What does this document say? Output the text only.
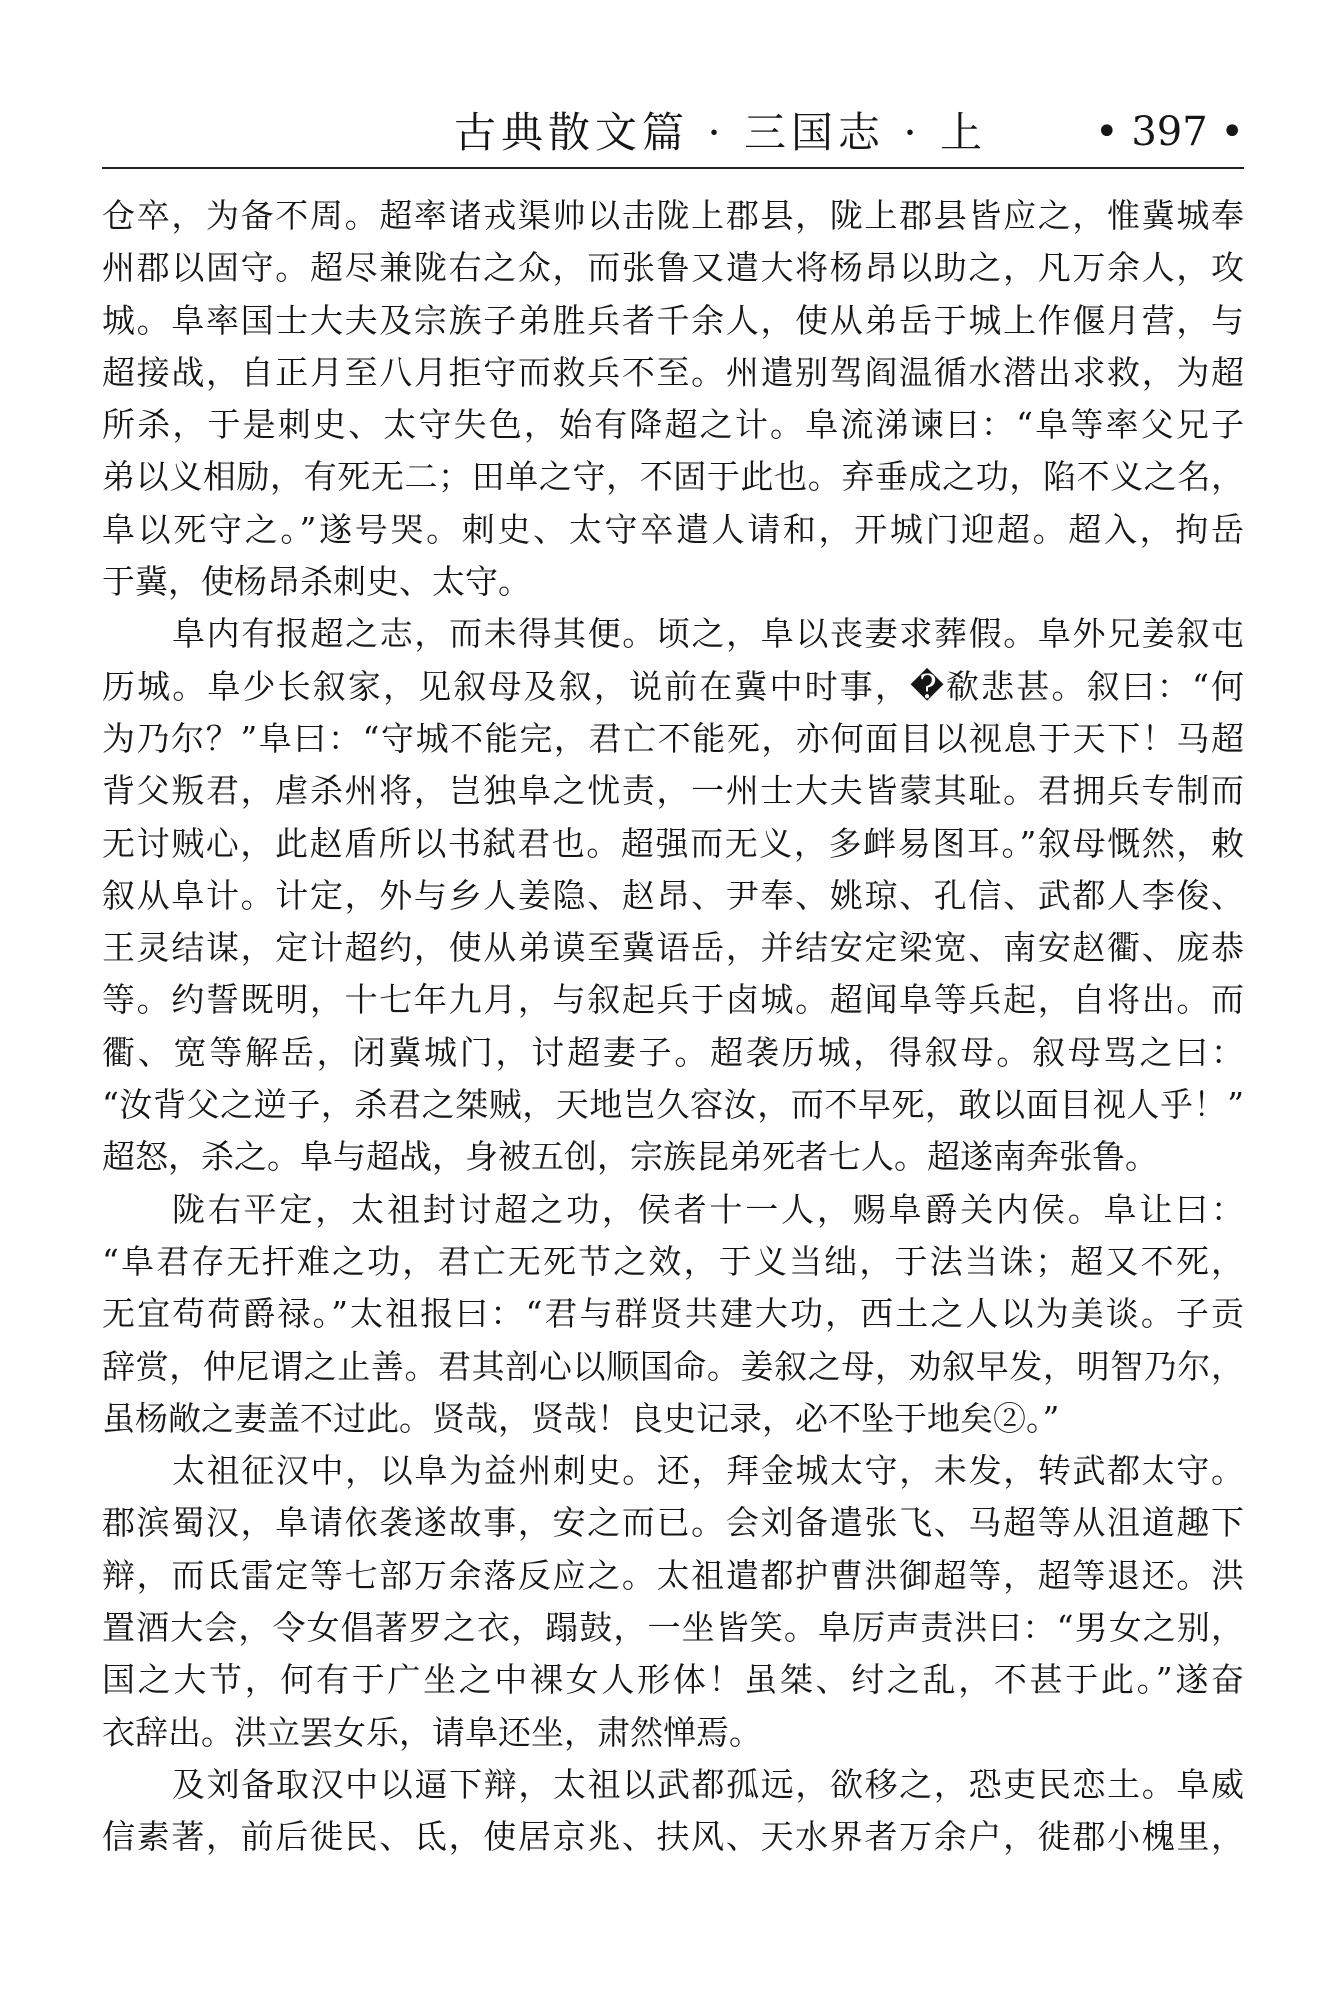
古典散文篇 · 三国志 · 上	• 397 •
仓卒，为备不周。超率诸戎渠帅以击陇上郡县，陇上郡县皆应之，惟冀城奉
州郡以固守。超尽兼陇右之众，而张鲁又遣大将杨昂以助之，凡万余人，攻
城。阜率国士大夫及宗族子弟胜兵者千余人，使从弟岳于城上作偃月营，与
超接战，自正月至八月拒守而救兵不至。州遣别驾阎温循水潜出求救，为超
所杀，于是刺史、太守失色，始有降超之计。阜流涕谏曰：“阜等率父兄子
弟以义相励，有死无二；田单之守，不固于此也。弃垂成之功，陷不义之名，
阜以死守之。”遂号哭。刺史、太守卒遣人请和，开城门迎超。超入，拘岳
于冀，使杨昂杀刺史、太守。
阜内有报超之志，而未得其便。顷之，阜以丧妻求葬假。阜外兄姜叙屯
历城。阜少长叙家，见叙母及叙，说前在冀中时事，�欷悲甚。叙曰：“何
为乃尔？”阜曰：“守城不能完，君亡不能死，亦何面目以视息于天下！马超
背父叛君，虐杀州将，岂独阜之忧责，一州士大夫皆蒙其耻。君拥兵专制而
无讨贼心，此赵盾所以书弑君也。超强而无义，多衅易图耳。”叙母慨然，敕
叙从阜计。计定，外与乡人姜隐、赵昂、尹奉、姚琼、孔信、武都人李俊、
王灵结谋，定计超约，使从弟谟至冀语岳，并结安定梁宽、南安赵衢、庞恭
等。约誓既明，十七年九月，与叙起兵于卤城。超闻阜等兵起，自将出。而
衢、宽等解岳，闭冀城门，讨超妻子。超袭历城，得叙母。叙母骂之曰：
“汝背父之逆子，杀君之桀贼，天地岂久容汝，而不早死，敢以面目视人乎！”
超怒，杀之。阜与超战，身被五创，宗族昆弟死者七人。超遂南奔张鲁。
陇右平定，太祖封讨超之功，侯者十一人，赐阜爵关内侯。阜让曰：
“阜君存无扞难之功，君亡无死节之效，于义当绌，于法当诛；超又不死，
无宜苟荷爵禄。”太祖报曰：“君与群贤共建大功，西土之人以为美谈。子贡
辞赏，仲尼谓之止善。君其剖心以顺国命。姜叙之母，劝叙早发，明智乃尔，
虽杨敞之妻盖不过此。贤哉，贤哉！良史记录，必不坠于地矣②。”
太祖征汉中，以阜为益州刺史。还，拜金城太守，未发，转武都太守。
郡滨蜀汉，阜请依袭遂故事，安之而已。会刘备遣张飞、马超等从沮道趣下
辩，而氐雷定等七部万余落反应之。太祖遣都护曹洪御超等，超等退还。洪
置酒大会，令女倡著罗之衣，蹋鼓，一坐皆笑。阜厉声责洪曰：“男女之别，
国之大节，何有于广坐之中裸女人形体！虽桀、纣之乱，不甚于此。”遂奋
衣辞出。洪立罢女乐，请阜还坐，肃然惮焉。
及刘备取汉中以逼下辩，太祖以武都孤远，欲移之，恐吏民恋土。阜威
信素著，前后徙民、氐，使居京兆、扶风、天水界者万余户，徙郡小槐里，
